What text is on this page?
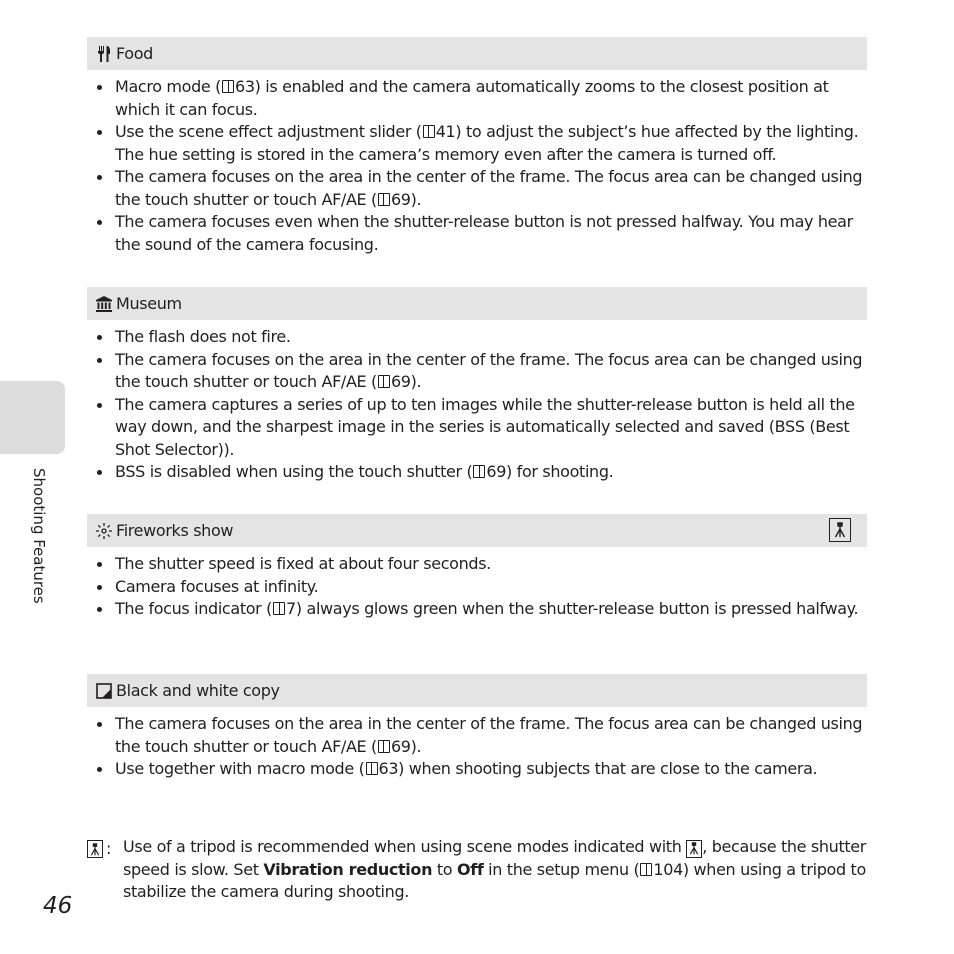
Shooting Features
Food
Macro mode ( 63) is enabled and the camera automatically zooms to the closest position at which it can focus.
Use the scene effect adjustment slider ( 41) to adjust the subject’s hue affected by the lighting. The hue setting is stored in the camera’s memory even after the camera is turned off.
The camera focuses on the area in the center of the frame. The focus area can be changed using the touch shutter or touch AF/AE ( 69).
The camera focuses even when the shutter-release button is not pressed halfway. You may hear the sound of the camera focusing.
Museum
The flash does not fire.
The camera focuses on the area in the center of the frame. The focus area can be changed using the touch shutter or touch AF/AE ( 69).
The camera captures a series of up to ten images while the shutter-release button is held all the way down, and the sharpest image in the series is automatically selected and saved (BSS (Best Shot Selector)).
BSS is disabled when using the touch shutter ( 69) for shooting.
Fireworks show
The shutter speed is fixed at about four seconds.
Camera focuses at infinity.
The focus indicator ( 7) always glows green when the shutter-release button is pressed halfway.
Black and white copy
The camera focuses on the area in the center of the frame. The focus area can be changed using the touch shutter or touch AF/AE ( 69).
Use together with macro mode ( 63) when shooting subjects that are close to the camera.
: Use of a tripod is recommended when using scene modes indicated with
, because the shutter speed is slow. Set Vibration reduction to Off in the setup menu ( 104) when using a tripod to stabilize the camera during shooting.
46
